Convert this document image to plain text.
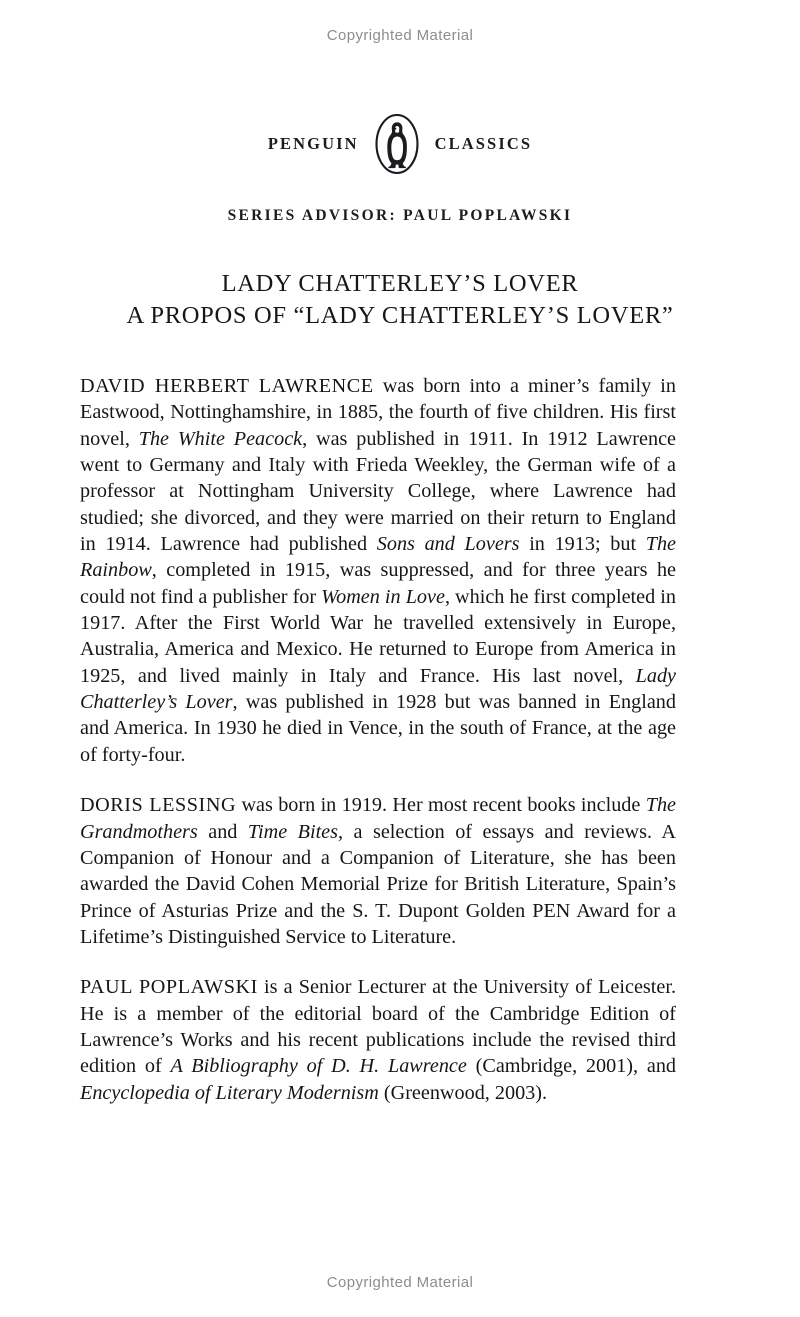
Copyrighted Material
PENGUIN	CLASSICS
SERIES ADVISOR: PAUL POPLAWSKI
LADY CHATTERLEY’S LOVER
A PROPOS OF “LADY CHATTERLEY’S LOVER”

DAVID HERBERT LAWRENCE was born into a miner’s family in Eastwood, Nottinghamshire, in 1885, the fourth of five children. His first novel, The White Peacock, was published in 1911. In 1912 Lawrence went to Germany and Italy with Frieda Weekley, the German wife of a professor at Nottingham University College, where Lawrence had studied; she divorced, and they were married on their return to England in 1914. Lawrence had published Sons and Lovers in 1913; but The Rainbow, completed in 1915, was suppressed, and for three years he could not find a publisher for Women in Love, which he first completed in 1917. After the First World War he travelled extensively in Europe, Australia, America and Mexico. He returned to Europe from America in 1925, and lived mainly in Italy and France. His last novel, Lady Chatterley’s Lover, was published in 1928 but was banned in England and America. In 1930 he died in Vence, in the south of France, at the age of forty-four.

DORIS LESSING was born in 1919. Her most recent books include The Grandmothers and Time Bites, a selection of essays and reviews. A Companion of Honour and a Companion of Literature, she has been awarded the David Cohen Memorial Prize for British Literature, Spain’s Prince of Asturias Prize and the S. T. Dupont Golden PEN Award for a Lifetime’s Distinguished Service to Literature.

PAUL POPLAWSKI is a Senior Lecturer at the University of Leicester. He is a member of the editorial board of the Cambridge Edition of Lawrence’s Works and his recent publications include the revised third edition of A Bibliography of D. H. Lawrence (Cambridge, 2001), and Encyclopedia of Literary Modernism (Greenwood, 2003).

Copyrighted Material
